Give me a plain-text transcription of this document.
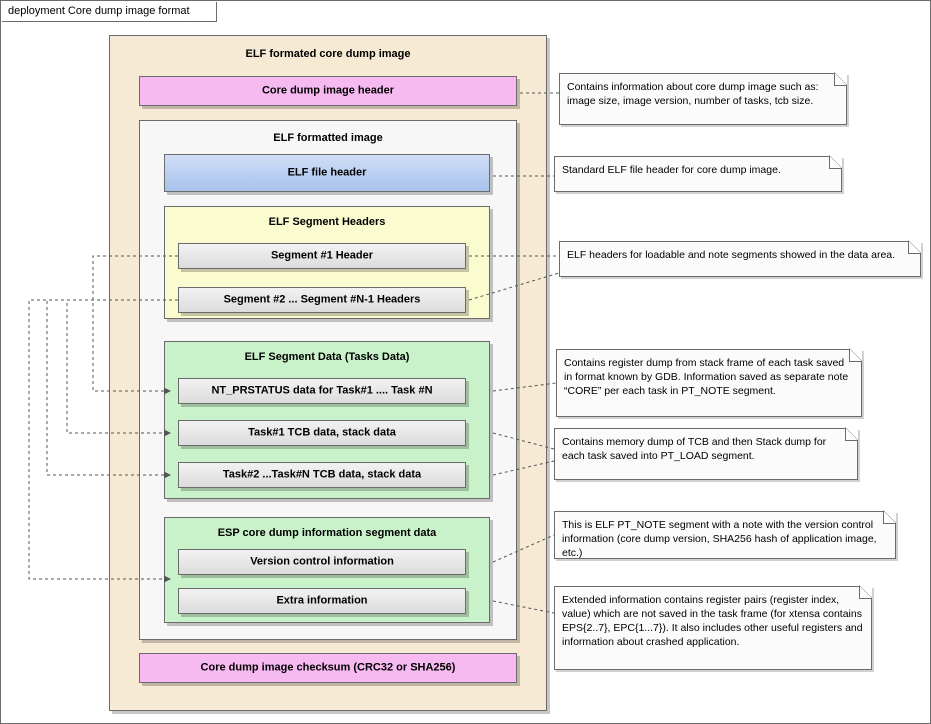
deployment Core dump image format
ELF formated core dump image
Core dump image header
ELF formatted image
ELF file header
ELF Segment Headers
Segment #1 Header
Segment #2 ... Segment #N-1 Headers
ELF Segment Data (Tasks Data)
NT_PRSTATUS data for Task#1 .... Task #N
Task#1 TCB data, stack data
Task#2 ...Task#N TCB data, stack data
ESP core dump information segment data
Version control information
Extra information
Core dump image checksum (CRC32 or SHA256)
Contains information about core dump image such as: image size, image version, number of tasks, tcb size.
Standard ELF file header for core dump image.
ELF headers for loadable and note segments showed in the data area.
Contains register dump from stack frame of each task saved in format known by GDB. Information saved as separate note “CORE” per each task in PT_NOTE segment.
Contains memory dump of TCB and then Stack dump for each task saved into PT_LOAD segment.
This is ELF PT_NOTE segment with a note with the version control information (core dump version, SHA256 hash of application image, etc.)
Extended information contains register pairs (register index, value) which are not saved in the task frame (for xtensa contains EPS{2..7}, EPC{1...7}). It also includes other useful registers and information about crashed application.
